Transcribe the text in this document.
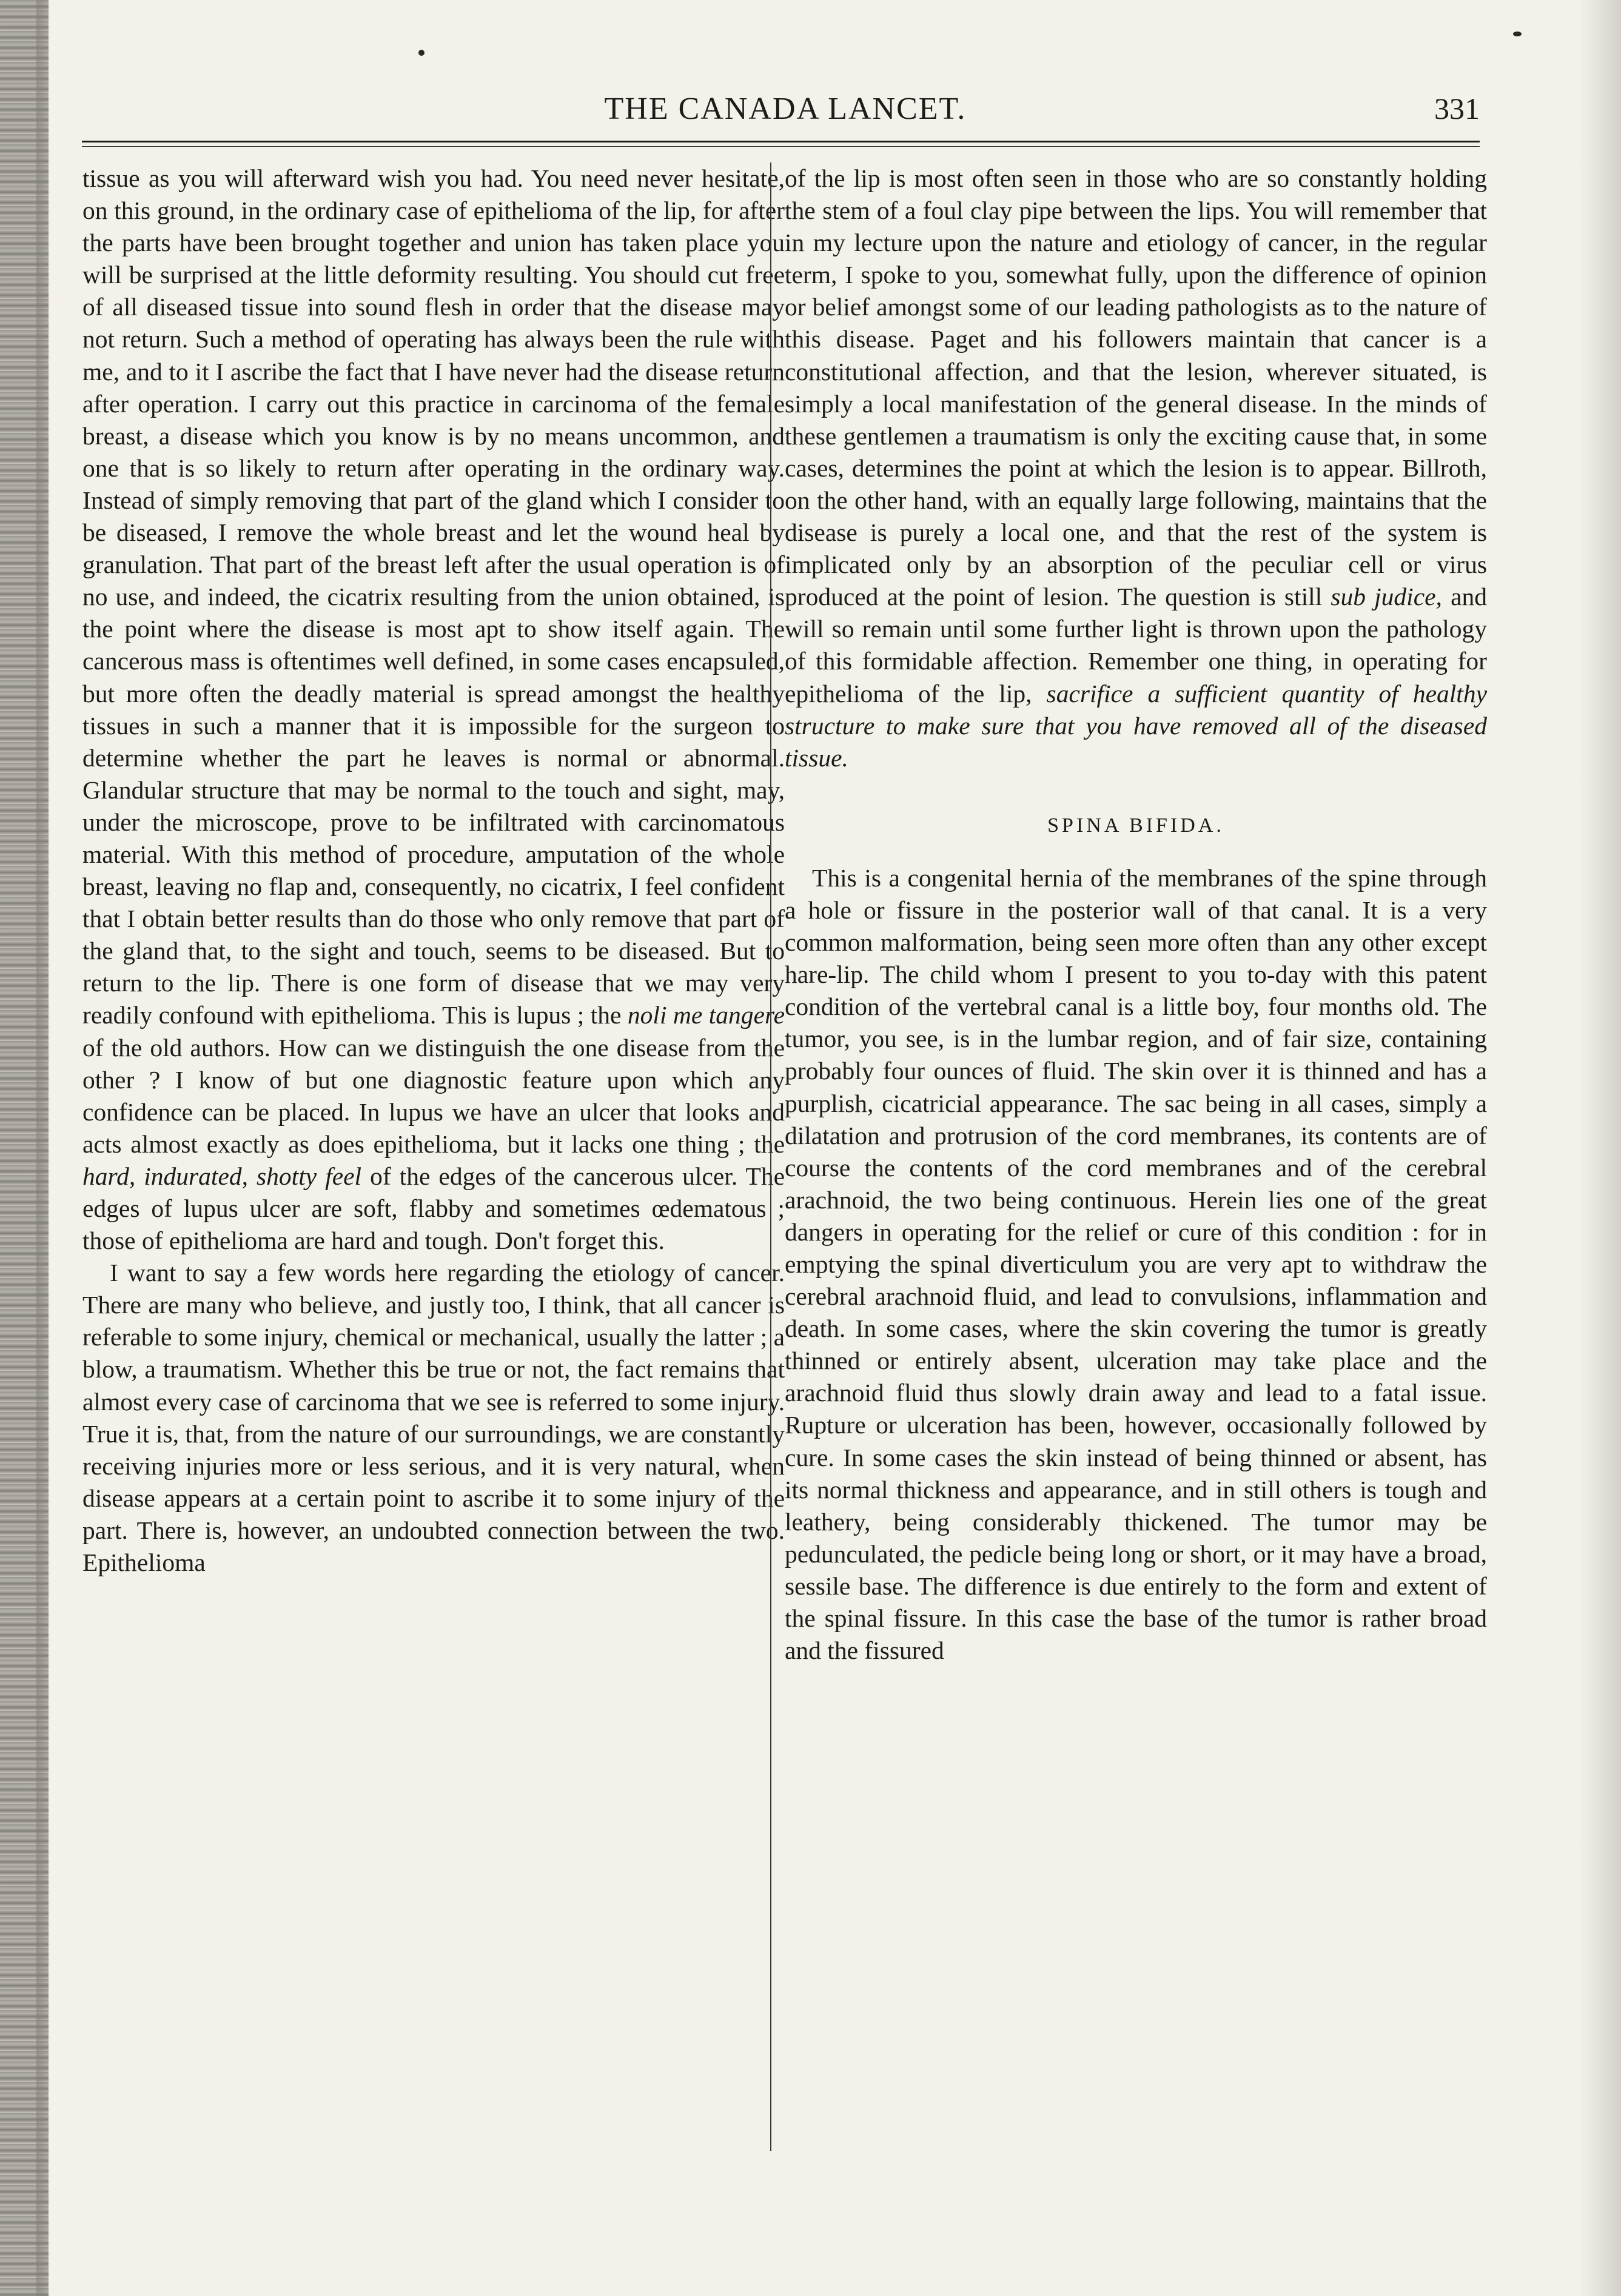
THE CANADA LANCET.	331

tissue as you will afterward wish you had. You need never hesitate, on this ground, in the ordinary case of epithelioma of the lip, for after the parts have been brought together and union has taken place you will be surprised at the little deformity resulting. You should cut free of all diseased tissue into sound flesh in order that the disease may not return. Such a method of operating has always been the rule with me, and to it I ascribe the fact that I have never had the disease return after operation. I carry out this practice in carcinoma of the female breast, a disease which you know is by no means uncommon, and one that is so likely to return after operating in the ordinary way. Instead of simply removing that part of the gland which I consider to be diseased, I remove the whole breast and let the wound heal by granulation. That part of the breast left after the usual operation is of no use, and indeed, the cicatrix resulting from the union obtained, is the point where the disease is most apt to show itself again. The cancerous mass is oftentimes well defined, in some cases encapsuled, but more often the deadly material is spread amongst the healthy tissues in such a manner that it is impossible for the surgeon to determine whether the part he leaves is normal or abnormal. Glandular structure that may be normal to the touch and sight, may, under the microscope, prove to be infiltrated with carcinomatous material. With this method of procedure, amputation of the whole breast, leaving no flap and, consequently, no cicatrix, I feel confident that I obtain better results than do those who only remove that part of the gland that, to the sight and touch, seems to be diseased. But to return to the lip. There is one form of disease that we may very readily confound with epithelioma. This is lupus ; the noli me tangere of the old authors. How can we distinguish the one disease from the other ? I know of but one diagnostic feature upon which any confidence can be placed. In lupus we have an ulcer that looks and acts almost exactly as does epithelioma, but it lacks one thing ; the hard, indurated, shotty feel of the edges of the cancerous ulcer. The edges of lupus ulcer are soft, flabby and sometimes œdematous ; those of epithelioma are hard and tough. Don't forget this.

I want to say a few words here regarding the etiology of cancer. There are many who believe, and justly too, I think, that all cancer is referable to some injury, chemical or mechanical, usually the latter ; a blow, a traumatism. Whether this be true or not, the fact remains that almost every case of carcinoma that we see is referred to some injury. True it is, that, from the nature of our surroundings, we are constantly receiving injuries more or less serious, and it is very natural, when disease appears at a certain point to ascribe it to some injury of the part. There is, however, an undoubted connection between the two. Epithelioma

of the lip is most often seen in those who are so constantly holding the stem of a foul clay pipe between the lips. You will remember that in my lecture upon the nature and etiology of cancer, in the regular term, I spoke to you, somewhat fully, upon the difference of opinion or belief amongst some of our leading pathologists as to the nature of this disease. Paget and his followers maintain that cancer is a constitutional affection, and that the lesion, wherever situated, is simply a local manifestation of the general disease. In the minds of these gentlemen a traumatism is only the exciting cause that, in some cases, determines the point at which the lesion is to appear. Billroth, on the other hand, with an equally large following, maintains that the disease is purely a local one, and that the rest of the system is implicated only by an absorption of the peculiar cell or virus produced at the point of lesion. The question is still sub judice, and will so remain until some further light is thrown upon the pathology of this formidable affection. Remember one thing, in operating for epithelioma of the lip, sacrifice a sufficient quantity of healthy structure to make sure that you have removed all of the diseased tissue.

SPINA BIFIDA.

This is a congenital hernia of the membranes of the spine through a hole or fissure in the posterior wall of that canal. It is a very common malformation, being seen more often than any other except hare-lip. The child whom I present to you to-day with this patent condition of the vertebral canal is a little boy, four months old. The tumor, you see, is in the lumbar region, and of fair size, containing probably four ounces of fluid. The skin over it is thinned and has a purplish, cicatricial appearance. The sac being in all cases, simply a dilatation and protrusion of the cord membranes, its contents are of course the contents of the cord membranes and of the cerebral arachnoid, the two being continuous. Herein lies one of the great dangers in operating for the relief or cure of this condition : for in emptying the spinal diverticulum you are very apt to withdraw the cerebral arachnoid fluid, and lead to convulsions, inflammation and death. In some cases, where the skin covering the tumor is greatly thinned or entirely absent, ulceration may take place and the arachnoid fluid thus slowly drain away and lead to a fatal issue. Rupture or ulceration has been, however, occasionally followed by cure. In some cases the skin instead of being thinned or absent, has its normal thickness and appearance, and in still others is tough and leathery, being considerably thickened. The tumor may be pedunculated, the pedicle being long or short, or it may have a broad, sessile base. The difference is due entirely to the form and extent of the spinal fissure. In this case the base of the tumor is rather broad and the fissured
